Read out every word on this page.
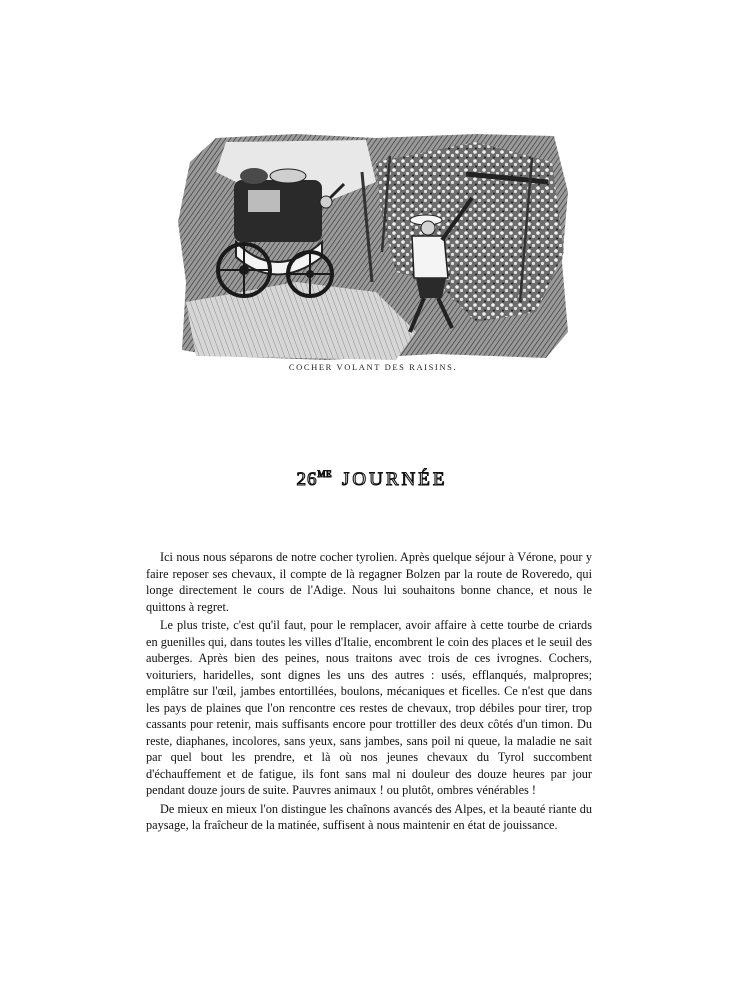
COCHER VOLANT DES RAISINS.
$26^{ME}$ JOURNÉE

Ici nous nous séparons de notre cocher tyrolien. Après quelque séjour à Vérone, pour y faire reposer ses chevaux, il compte de là regagner Bolzen par la route de Roveredo, qui longe directement le cours de l'Adige. Nous lui souhaitons bonne chance, et nous le quittons à regret.

Le plus triste, c'est qu'il faut, pour le remplacer, avoir affaire à cette tourbe de criards en guenilles qui, dans toutes les villes d'Italie, encombrent le coin des places et le seuil des auberges. Après bien des peines, nous traitons avec trois de ces ivrognes. Cochers, voituriers, haridelles, sont dignes les uns des autres : usés, efflanqués, malpropres; emplâtre sur l'œil, jambes entortillées, boulons, mécaniques et ficelles. Ce n'est que dans les pays de plaines que l'on rencontre ces restes de chevaux, trop débiles pour tirer, trop cassants pour retenir, mais suffisants encore pour trottiller des deux côtés d'un timon. Du reste, diaphanes, incolores, sans yeux, sans jambes, sans poil ni queue, la maladie ne sait par quel bout les prendre, et là où nos jeunes chevaux du Tyrol succombent d'échauffement et de fatigue, ils font sans mal ni douleur des douze heures par jour pendant douze jours de suite. Pauvres animaux ! ou plutôt, ombres vénérables !

De mieux en mieux l'on distingue les chaînons avancés des Alpes, et la beauté riante du paysage, la fraîcheur de la matinée, suffisent à nous maintenir en état de jouissance.
